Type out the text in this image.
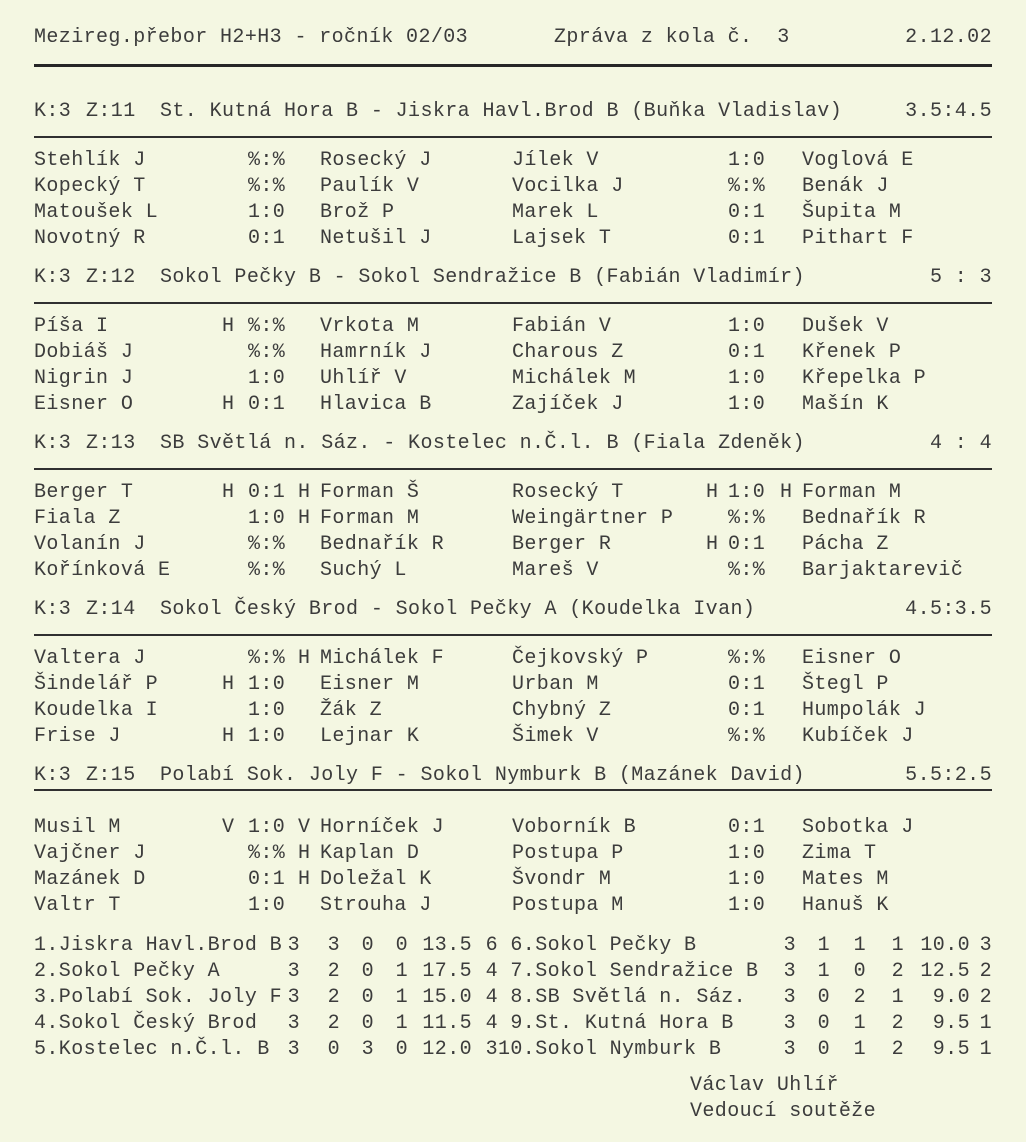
Mezireg.přebor H2+H3 - ročník 02/03	Zpráva z kola č.  3	2.12.02
K:3 Z:11	St. Kutná Hora B - Jiskra Havl.Brod B (Buňka Vladislav)	3.5:4.5
Stehlík J	%:%	Rosecký J	Jílek V	1:0	Voglová E
Kopecký T	%:%	Paulík V	Vocilka J	%:%	Benák J
Matoušek L	1:0	Brož P	Marek L	0:1	Šupita M
Novotný R	0:1	Netušil J	Lajsek T	0:1	Pithart F
K:3 Z:12	Sokol Pečky B - Sokol Sendražice B (Fabián Vladimír)	5 : 3
Píša I	H %:%	Vrkota M	Fabián V	1:0	Dušek V
Dobiáš J	%:%	Hamrník J	Charous Z	0:1	Křenek P
Nigrin J	1:0	Uhlíř V	Michálek M	1:0	Křepelka P
Eisner O	H 0:1	Hlavica B	Zajíček J	1:0	Mašín K
K:3 Z:13	SB Světlá n. Sáz. - Kostelec n.Č.l. B (Fiala Zdeněk)	4 : 4
Berger T	H 0:1 H Forman Š	Rosecký T	H 1:0 H Forman M
Fiala Z	1:0 H Forman M	Weingärtner P	%:%	Bednařík R
Volanín J	%:%	Bednařík R	Berger R	H 0:1	Pácha Z
Kořínková E	%:%	Suchý L	Mareš V	%:%	Barjaktarevič
K:3 Z:14	Sokol Český Brod - Sokol Pečky A (Koudelka Ivan)	4.5:3.5
Valtera J	%:% H Michálek F	Čejkovský P	%:%	Eisner O
Šindelář P	H 1:0	Eisner M	Urban M	0:1	Štegl P
Koudelka I	1:0	Žák Z	Chybný Z	0:1	Humpolák J
Frise J	H 1:0	Lejnar K	Šimek V	%:%	Kubíček J
K:3 Z:15	Polabí Sok. Joly F - Sokol Nymburk B (Mazánek David)	5.5:2.5
Musil M	V 1:0 V Horníček J	Voborník B	0:1	Sobotka J
Vajčner J	%:% H Kaplan D	Postupa P	1:0	Zima T
Mazánek D	0:1 H Doležal K	Švondr M	1:0	Mates M
Valtr T	1:0	Strouha J	Postupa M	1:0	Hanuš K
1.Jiskra Havl.Brod B 3	3	0	0 13.5 6
2.Sokol Pečky A	3	2	0	1 17.5 4
3.Polabí Sok. Joly F 3	2	0	1 15.0 4
4.Sokol Český Brod	3	2	0	1 11.5 4
5.Kostelec n.Č.l. B 3	0	3	0 12.0 3
6.Sokol Pečky B	3	1	1	1 10.0 3
7.Sokol Sendražice B	3	1	0	2 12.5 2
8.SB Světlá n. Sáz.	3	0	2	1	9.0 2
9.St. Kutná Hora B	3	0	1	2	9.5 1
10.Sokol Nymburk B	3	0	1	2	9.5 1
Václav Uhlíř
Vedoucí soutěže
